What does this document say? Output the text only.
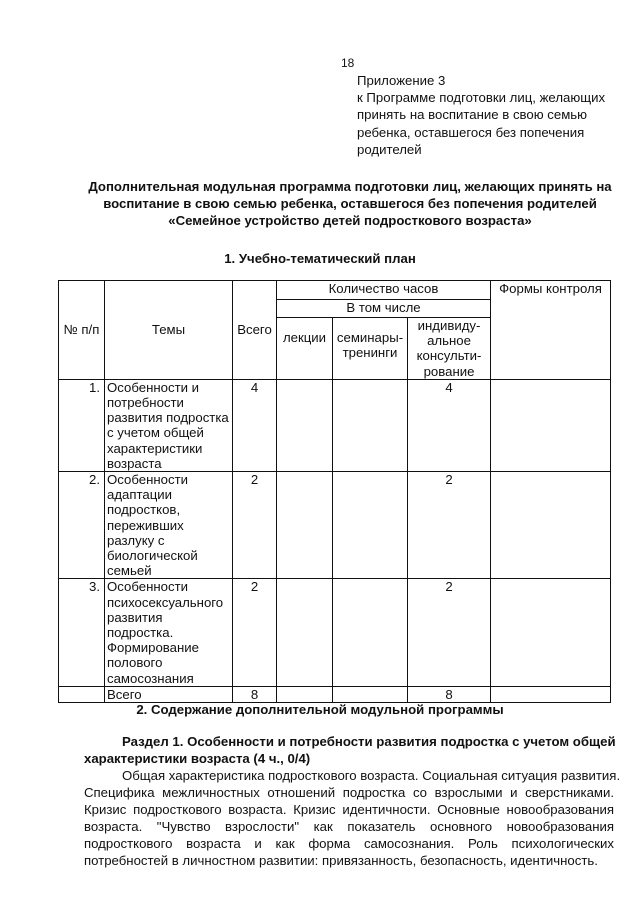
18
Приложение 3
к Программе подготовки лиц, желающих
принять на воспитание в свою семью
ребенка, оставшегося без попечения
родителей
Дополнительная модульная программа подготовки лиц, желающих принять на
воспитание в свою семью ребенка, оставшегося без попечения родителей
«Семейное устройство детей подросткового возраста»
1. Учебно-тематический план
№ п/п	Темы	Всего	Количество часов			Формы контроля
			В том числе			
			лекции	семинары-тренинги	индивиду-альное консульти-рование	
1.	Особенности и потребности развития подростка с учетом общей характеристики возраста	4			4	
2.	Особенности адаптации подростков, переживших разлуку с биологической семьей	2			2	
3.	Особенности психосексуального развития подростка. Формирование полового самосознания	2			2	
	Всего	8			8	
2. Содержание дополнительной модульной программы
Раздел 1. Особенности и потребности развития подростка с учетом общей
характеристики возраста (4 ч., 0/4)
Общая характеристика подросткового возраста. Социальная ситуация развития.
Специфика межличностных отношений подростка со взрослыми и сверстниками.
Кризис подросткового возраста. Кризис идентичности. Основные новообразования
возраста. "Чувство взрослости" как показатель основного новообразования
подросткового возраста и как форма самосознания. Роль психологических
потребностей в личностном развитии: привязанность, безопасность, идентичность.
